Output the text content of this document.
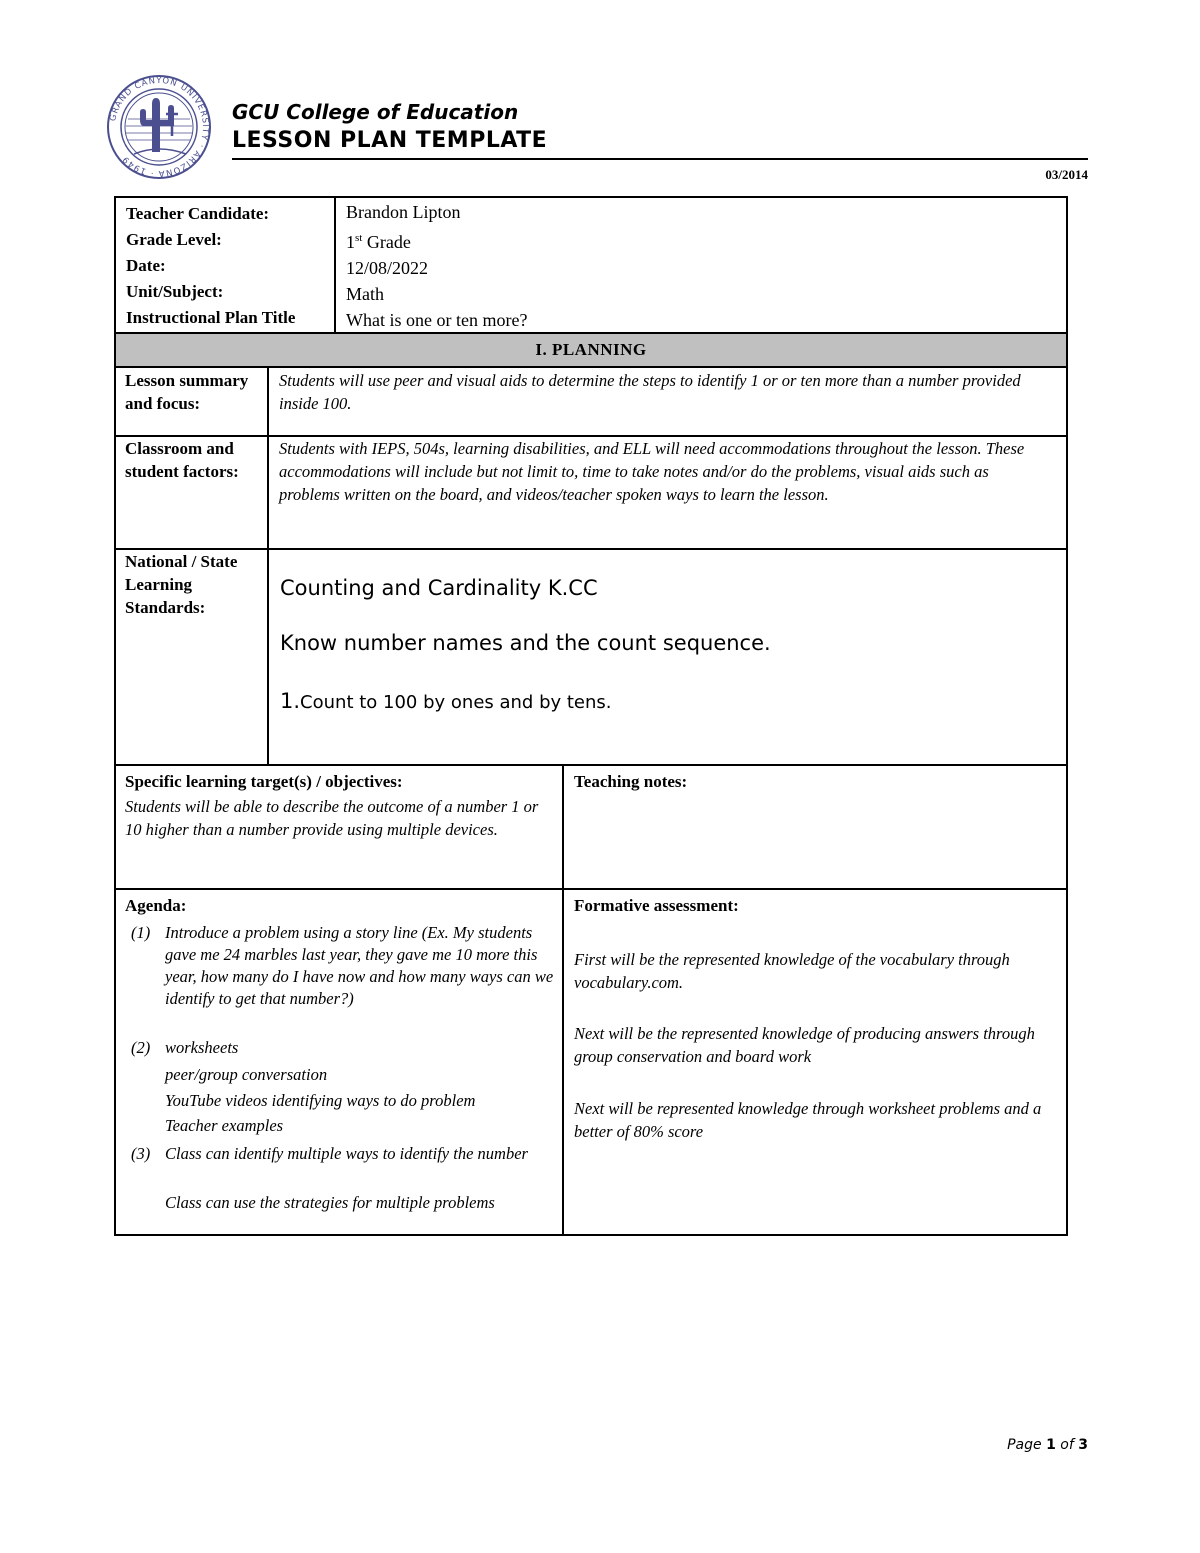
GRAND CANYON UNIVERSITY · ARIZONA · 1949
GCU College of Education
LESSON PLAN TEMPLATE
03/2014
Teacher Candidate:
Grade Level:
Date:
Unit/Subject:
Instructional Plan Title
Brandon Lipton
1st Grade
12/08/2022
Math
What is one or ten more?
I. PLANNING
Lesson summary and focus:
Students will use peer and visual aids to determine the steps to identify 1 or or ten more than a number provided inside 100.
Classroom and student factors:
Students with IEPS, 504s, learning disabilities, and ELL will need accommodations throughout the lesson. These accommodations will include but not limit to, time to take notes and/or do the problems, visual aids such as problems written on the board, and videos/teacher spoken ways to learn the lesson.
National / State Learning Standards:
Counting and Cardinality K.CC
Know number names and the count sequence.
1.Count to 100 by ones and by tens.
Specific learning target(s) / objectives:
Students will be able to describe the outcome of a number 1 or 10 higher than a number provide using multiple devices.
Teaching notes:
Agenda:
(1) Introduce a problem using a story line (Ex. My students gave me 24 marbles last year, they gave me 10 more this year, how many do I have now and how many ways can we identify to get that number?)
(2) worksheets
peer/group conversation
YouTube videos identifying ways to do problem
Teacher examples
(3) Class can identify multiple ways to identify the number
Class can use the strategies for multiple problems
Formative assessment:
First will be the represented knowledge of the vocabulary through vocabulary.com.
Next will be the represented knowledge of producing answers through group conservation and board work
Next will be represented knowledge through worksheet problems and a better of 80% score
Page 1 of 3
